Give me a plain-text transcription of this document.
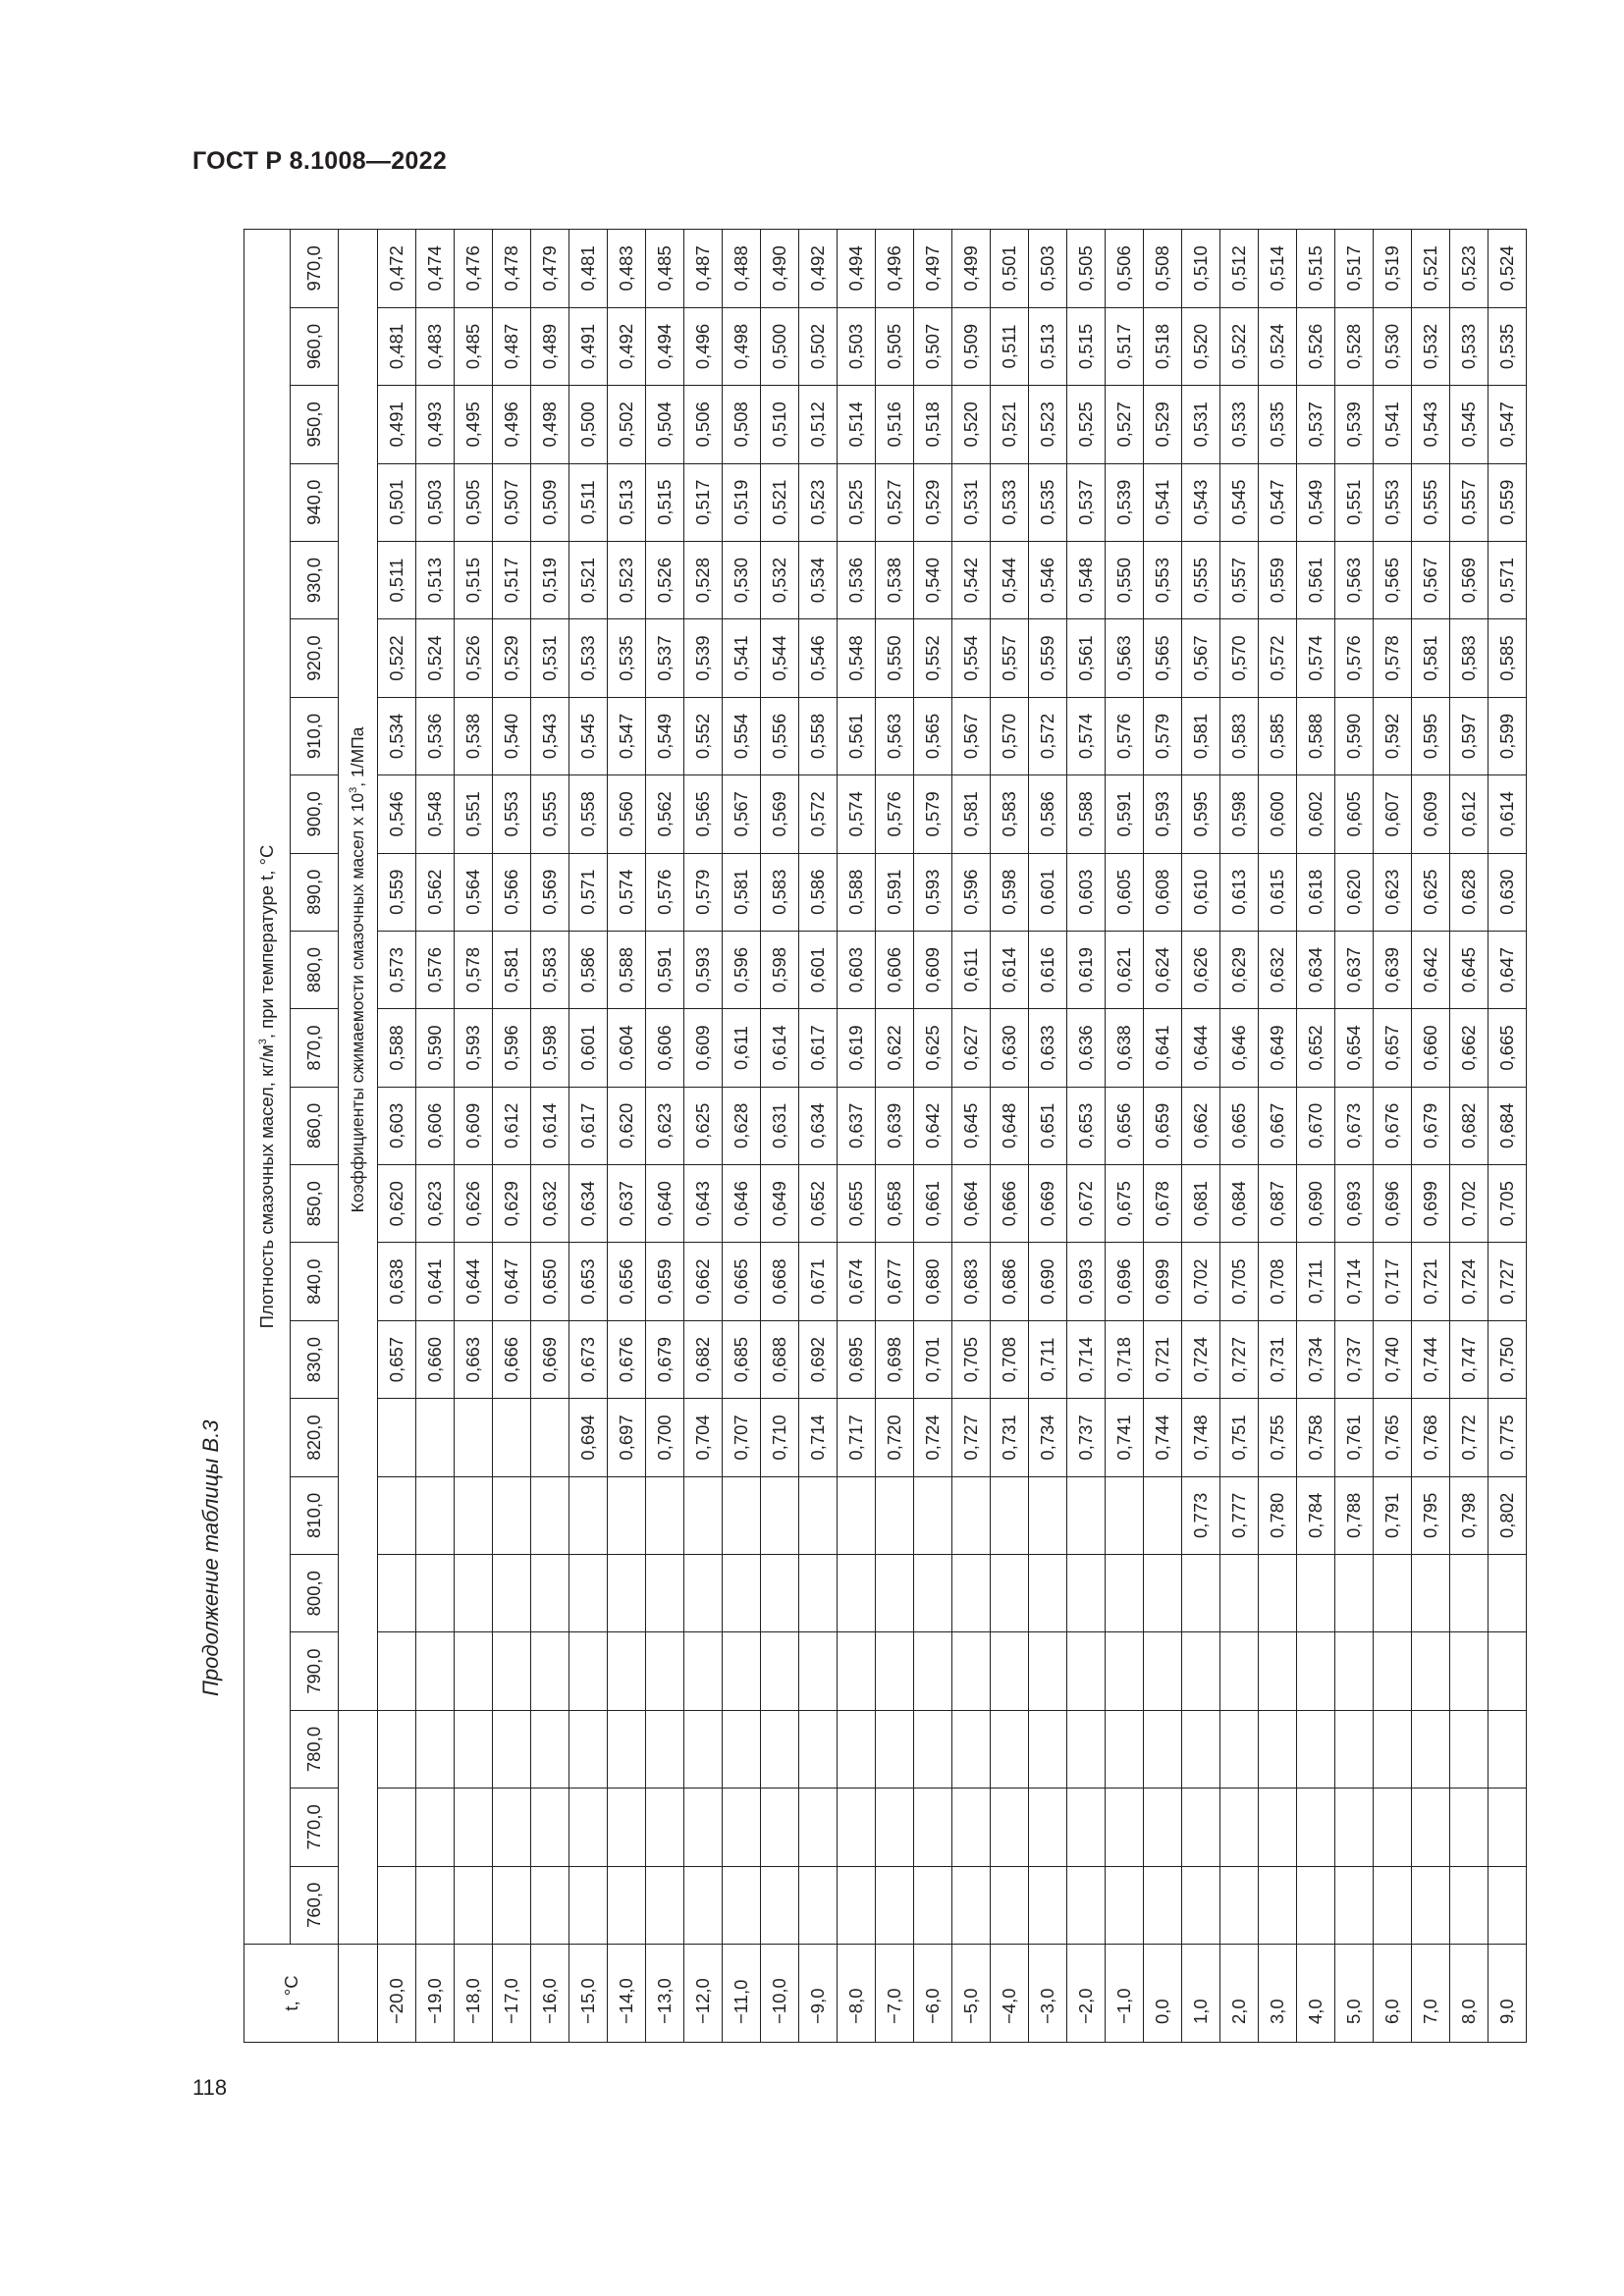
ГОСТ Р 8.1008—2022
Продолжение таблицы В.3
t, °C	Плотность смазочных масел, $кг/м^3$, при температуре t, °C																					
	760,0	770,0	780,0	790,0	800,0	810,0	820,0	830,0	840,0	850,0	860,0	870,0	880,0	890,0	900,0	910,0	920,0	930,0	940,0	950,0	960,0	970,0
				Коэффициенты сжимаемости смазочных масел x $10^3$, 1/МПа																		
−20,0								0,657	0,638	0,620	0,603	0,588	0,573	0,559	0,546	0,534	0,522	0,511	0,501	0,491	0,481	0,472
−19,0								0,660	0,641	0,623	0,606	0,590	0,576	0,562	0,548	0,536	0,524	0,513	0,503	0,493	0,483	0,474
−18,0								0,663	0,644	0,626	0,609	0,593	0,578	0,564	0,551	0,538	0,526	0,515	0,505	0,495	0,485	0,476
−17,0								0,666	0,647	0,629	0,612	0,596	0,581	0,566	0,553	0,540	0,529	0,517	0,507	0,496	0,487	0,478
−16,0								0,669	0,650	0,632	0,614	0,598	0,583	0,569	0,555	0,543	0,531	0,519	0,509	0,498	0,489	0,479
−15,0							0,694	0,673	0,653	0,634	0,617	0,601	0,586	0,571	0,558	0,545	0,533	0,521	0,511	0,500	0,491	0,481
−14,0							0,697	0,676	0,656	0,637	0,620	0,604	0,588	0,574	0,560	0,547	0,535	0,523	0,513	0,502	0,492	0,483
−13,0							0,700	0,679	0,659	0,640	0,623	0,606	0,591	0,576	0,562	0,549	0,537	0,526	0,515	0,504	0,494	0,485
−12,0							0,704	0,682	0,662	0,643	0,625	0,609	0,593	0,579	0,565	0,552	0,539	0,528	0,517	0,506	0,496	0,487
−11,0							0,707	0,685	0,665	0,646	0,628	0,611	0,596	0,581	0,567	0,554	0,541	0,530	0,519	0,508	0,498	0,488
−10,0							0,710	0,688	0,668	0,649	0,631	0,614	0,598	0,583	0,569	0,556	0,544	0,532	0,521	0,510	0,500	0,490
−9,0							0,714	0,692	0,671	0,652	0,634	0,617	0,601	0,586	0,572	0,558	0,546	0,534	0,523	0,512	0,502	0,492
−8,0							0,717	0,695	0,674	0,655	0,637	0,619	0,603	0,588	0,574	0,561	0,548	0,536	0,525	0,514	0,503	0,494
−7,0							0,720	0,698	0,677	0,658	0,639	0,622	0,606	0,591	0,576	0,563	0,550	0,538	0,527	0,516	0,505	0,496
−6,0							0,724	0,701	0,680	0,661	0,642	0,625	0,609	0,593	0,579	0,565	0,552	0,540	0,529	0,518	0,507	0,497
−5,0							0,727	0,705	0,683	0,664	0,645	0,627	0,611	0,596	0,581	0,567	0,554	0,542	0,531	0,520	0,509	0,499
−4,0							0,731	0,708	0,686	0,666	0,648	0,630	0,614	0,598	0,583	0,570	0,557	0,544	0,533	0,521	0,511	0,501
−3,0							0,734	0,711	0,690	0,669	0,651	0,633	0,616	0,601	0,586	0,572	0,559	0,546	0,535	0,523	0,513	0,503
−2,0							0,737	0,714	0,693	0,672	0,653	0,636	0,619	0,603	0,588	0,574	0,561	0,548	0,537	0,525	0,515	0,505
−1,0							0,741	0,718	0,696	0,675	0,656	0,638	0,621	0,605	0,591	0,576	0,563	0,550	0,539	0,527	0,517	0,506
0,0							0,744	0,721	0,699	0,678	0,659	0,641	0,624	0,608	0,593	0,579	0,565	0,553	0,541	0,529	0,518	0,508
1,0						0,773	0,748	0,724	0,702	0,681	0,662	0,644	0,626	0,610	0,595	0,581	0,567	0,555	0,543	0,531	0,520	0,510
2,0						0,777	0,751	0,727	0,705	0,684	0,665	0,646	0,629	0,613	0,598	0,583	0,570	0,557	0,545	0,533	0,522	0,512
3,0						0,780	0,755	0,731	0,708	0,687	0,667	0,649	0,632	0,615	0,600	0,585	0,572	0,559	0,547	0,535	0,524	0,514
4,0						0,784	0,758	0,734	0,711	0,690	0,670	0,652	0,634	0,618	0,602	0,588	0,574	0,561	0,549	0,537	0,526	0,515
5,0						0,788	0,761	0,737	0,714	0,693	0,673	0,654	0,637	0,620	0,605	0,590	0,576	0,563	0,551	0,539	0,528	0,517
6,0						0,791	0,765	0,740	0,717	0,696	0,676	0,657	0,639	0,623	0,607	0,592	0,578	0,565	0,553	0,541	0,530	0,519
7,0						0,795	0,768	0,744	0,721	0,699	0,679	0,660	0,642	0,625	0,609	0,595	0,581	0,567	0,555	0,543	0,532	0,521
8,0						0,798	0,772	0,747	0,724	0,702	0,682	0,662	0,645	0,628	0,612	0,597	0,583	0,569	0,557	0,545	0,533	0,523
9,0						0,802	0,775	0,750	0,727	0,705	0,684	0,665	0,647	0,630	0,614	0,599	0,585	0,571	0,559	0,547	0,535	0,524
118
